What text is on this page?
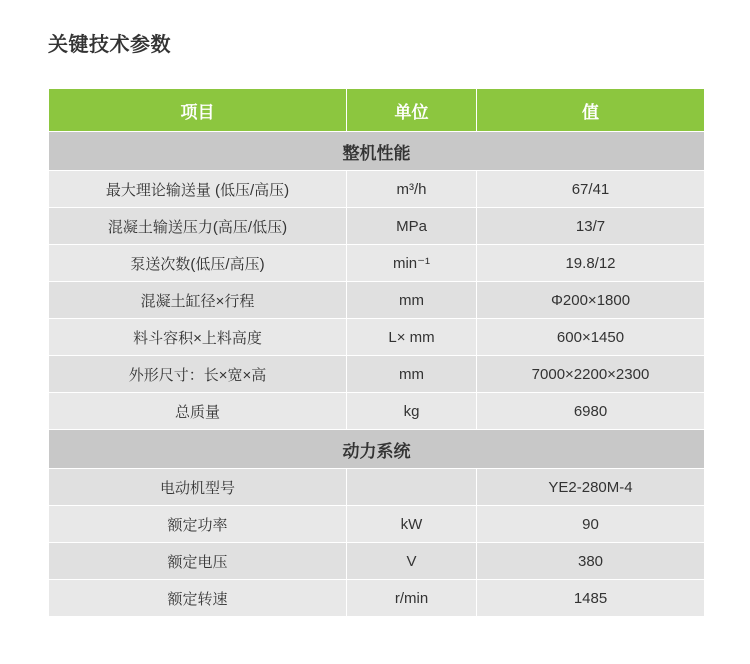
关键技术参数
项目	单位	值
整机性能		
最大理论输送量 (低压/高压)	m³/h	67/41
混凝土输送压力(高压/低压)	MPa	13/7
泵送次数(低压/高压)	min⁻¹	19.8/12
混凝土缸径×行程	mm	Φ200×1800
料斗容积×上料高度	L× mm	600×1450
外形尺寸：长×宽×高	mm	7000×2200×2300
总质量	kg	6980
动力系统		
电动机型号		YE2-280M-4
额定功率	kW	90
额定电压	V	380
额定转速	r/min	1485
